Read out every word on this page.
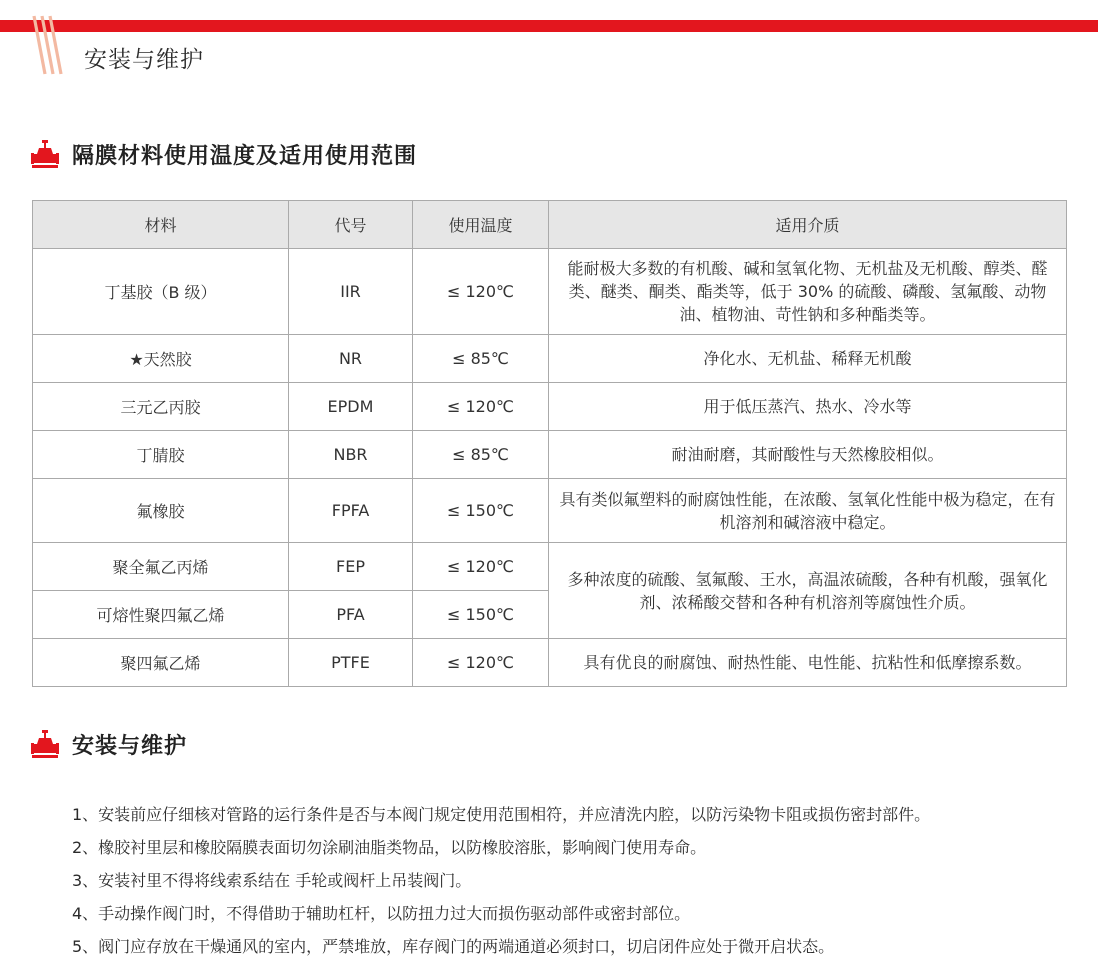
安装与维护
隔膜材料使用温度及适用使用范围
材料	代号	使用温度	适用介质
丁基胶（B 级）	IIR	≤ 120℃	能耐极大多数的有机酸、碱和氢氧化物、无机盐及无机酸、醇类、醛类、醚类、酮类、酯类等，低于 30% 的硫酸、磷酸、氢氟酸、动物油、植物油、苛性钠和多种酯类等。
★天然胶	NR	≤ 85℃	净化水、无机盐、稀释无机酸
三元乙丙胶	EPDM	≤ 120℃	用于低压蒸汽、热水、冷水等
丁腈胶	NBR	≤ 85℃	耐油耐磨，其耐酸性与天然橡胶相似。
氟橡胶	FPFA	≤ 150℃	具有类似氟塑料的耐腐蚀性能，在浓酸、氢氧化性能中极为稳定，在有机溶剂和碱溶液中稳定。
聚全氟乙丙烯	FEP	≤ 120℃	多种浓度的硫酸、氢氟酸、王水，高温浓硫酸，各种有机酸，强氧化剂、浓稀酸交替和各种有机溶剂等腐蚀性介质。
可熔性聚四氟乙烯	PFA	≤ 150℃	
聚四氟乙烯	PTFE	≤ 120℃	具有优良的耐腐蚀、耐热性能、电性能、抗粘性和低摩擦系数。
安装与维护
1、安装前应仔细核对管路的运行条件是否与本阀门规定使用范围相符，并应清洗内腔，以防污染物卡阻或损伤密封部件。
2、橡胶衬里层和橡胶隔膜表面切勿涂刷油脂类物品，以防橡胶溶胀，影响阀门使用寿命。
3、安装衬里不得将线索系结在 手轮或阀杆上吊装阀门。
4、手动操作阀门时，不得借助于辅助杠杆，以防扭力过大而损伤驱动部件或密封部位。
5、阀门应存放在干燥通风的室内，严禁堆放，库存阀门的两端通道必须封口，切启闭件应处于微开启状态。
